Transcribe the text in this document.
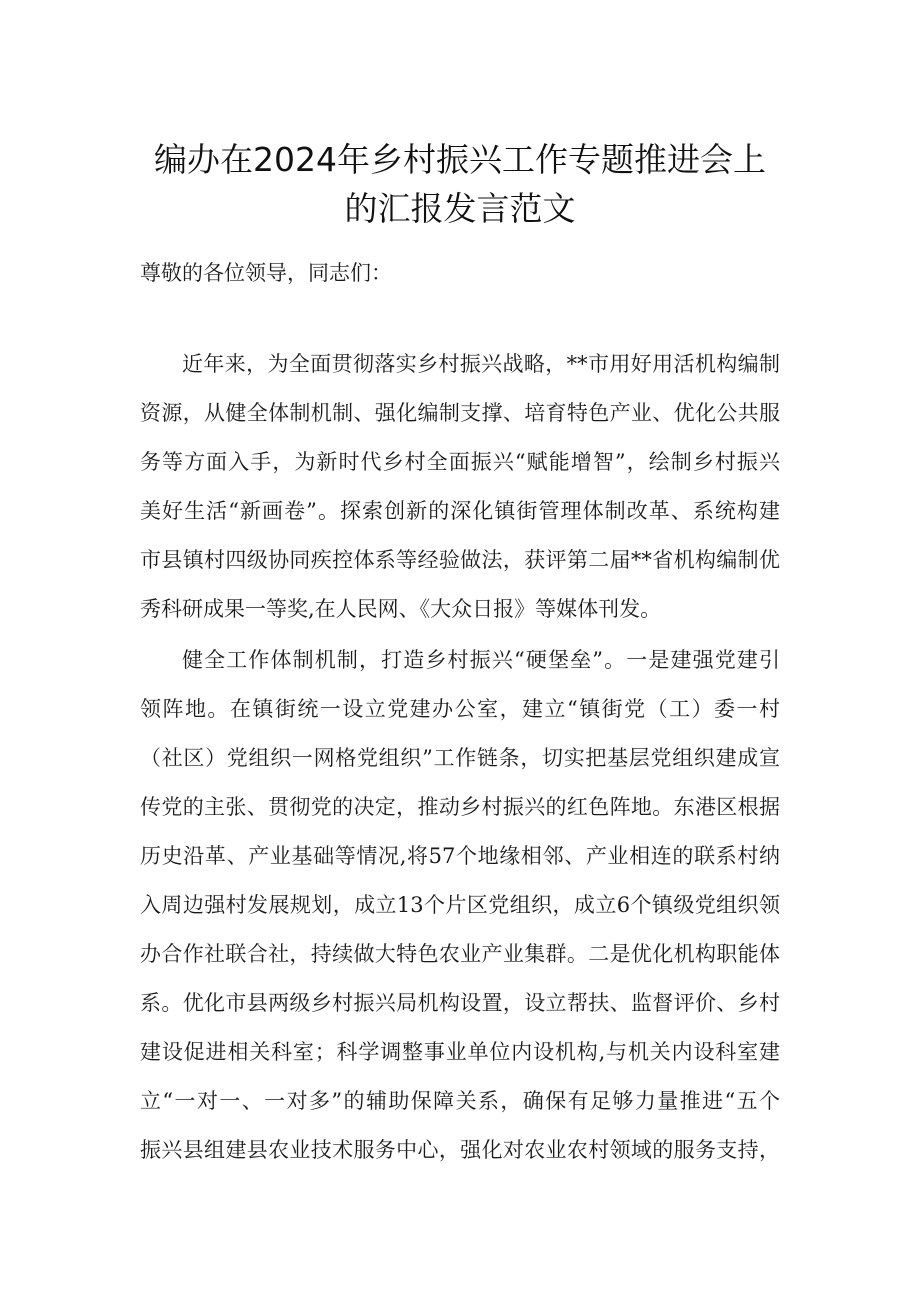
编办在2024年乡村振兴工作专题推进会上
的汇报发言范文
尊敬的各位领导，同志们：
近年来，为全面贯彻落实乡村振兴战略，**市用好用活机构编制
资源，从健全体制机制、强化编制支撑、培育特色产业、优化公共服
务等方面入手，为新时代乡村全面振兴“赋能增智”，绘制乡村振兴
美好生活“新画卷”。探索创新的深化镇街管理体制改革、系统构建
市县镇村四级协同疾控体系等经验做法，获评第二届**省机构编制优
秀科研成果一等奖,在人民网、《大众日报》等媒体刊发。
健全工作体制机制，打造乡村振兴“硬堡垒”。一是建强党建引
领阵地。在镇街统一设立党建办公室，建立“镇街党（工）委一村
（社区）党组织一网格党组织”工作链条，切实把基层党组织建成宣
传党的主张、贯彻党的决定，推动乡村振兴的红色阵地。东港区根据
历史沿革、产业基础等情况,将57个地缘相邻、产业相连的联系村纳
入周边强村发展规划，成立13个片区党组织，成立6个镇级党组织领
办合作社联合社，持续做大特色农业产业集群。二是优化机构职能体
系。优化市县两级乡村振兴局机构设置，设立帮扶、监督评价、乡村
建设促进相关科室；科学调整事业单位内设机构,与机关内设科室建
立“一对一、一对多”的辅助保障关系，确保有足够力量推进“五个
振兴县组建县农业技术服务中心，强化对农业农村领域的服务支持，
